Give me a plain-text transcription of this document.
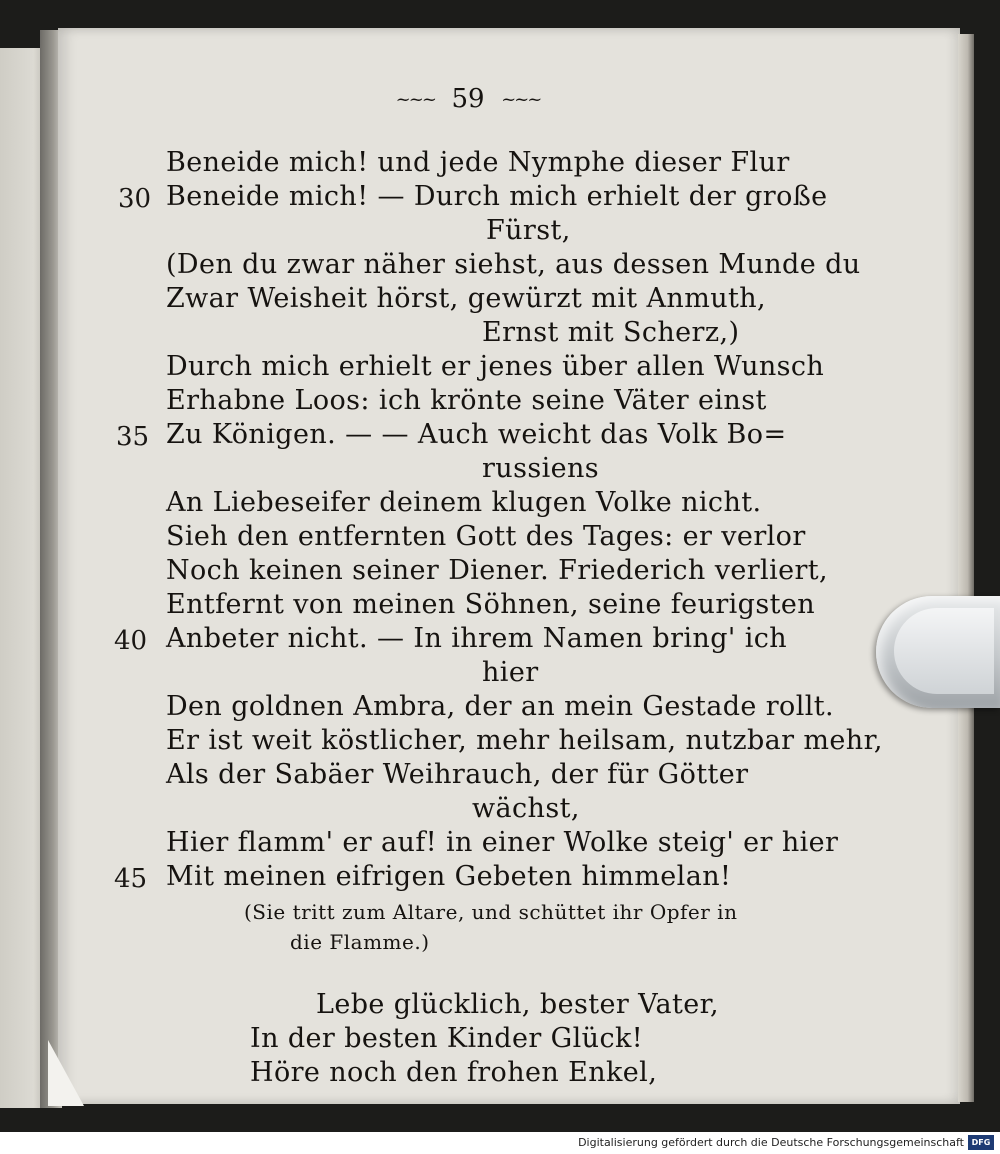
~~~ 59 ~~~
Beneide mich! und jede Nymphe dieser Flur
30 Beneide mich! — Durch mich erhielt der große
Fürst,
(Den du zwar näher siehst, aus dessen Munde du
Zwar Weisheit hörst, gewürzt mit Anmuth,
Ernst mit Scherz,)
Durch mich erhielt er jenes über allen Wunsch
Erhabne Loos: ich krönte seine Väter einst
35 Zu Königen. — — Auch weicht das Volk Bo=
russiens
An Liebeseifer deinem klugen Volke nicht.
Sieh den entfernten Gott des Tages: er verlor
Noch keinen seiner Diener. Friederich verliert,
Entfernt von meinen Söhnen, seine feurigsten
40 Anbeter nicht. — In ihrem Namen bring' ich
hier
Den goldnen Ambra, der an mein Gestade rollt.
Er ist weit köstlicher, mehr heilsam, nutzbar mehr,
Als der Sabäer Weihrauch, der für Götter
wächst,
Hier flamm' er auf! in einer Wolke steig' er hier
45 Mit meinen eifrigen Gebeten himmelan!
(Sie tritt zum Altare, und schüttet ihr Opfer in
die Flamme.)
Lebe glücklich, bester Vater,
In der besten Kinder Glück!
Höre noch den frohen Enkel,
Digitalisierung gefördert durch die Deutsche Forschungsgemeinschaft DFG
